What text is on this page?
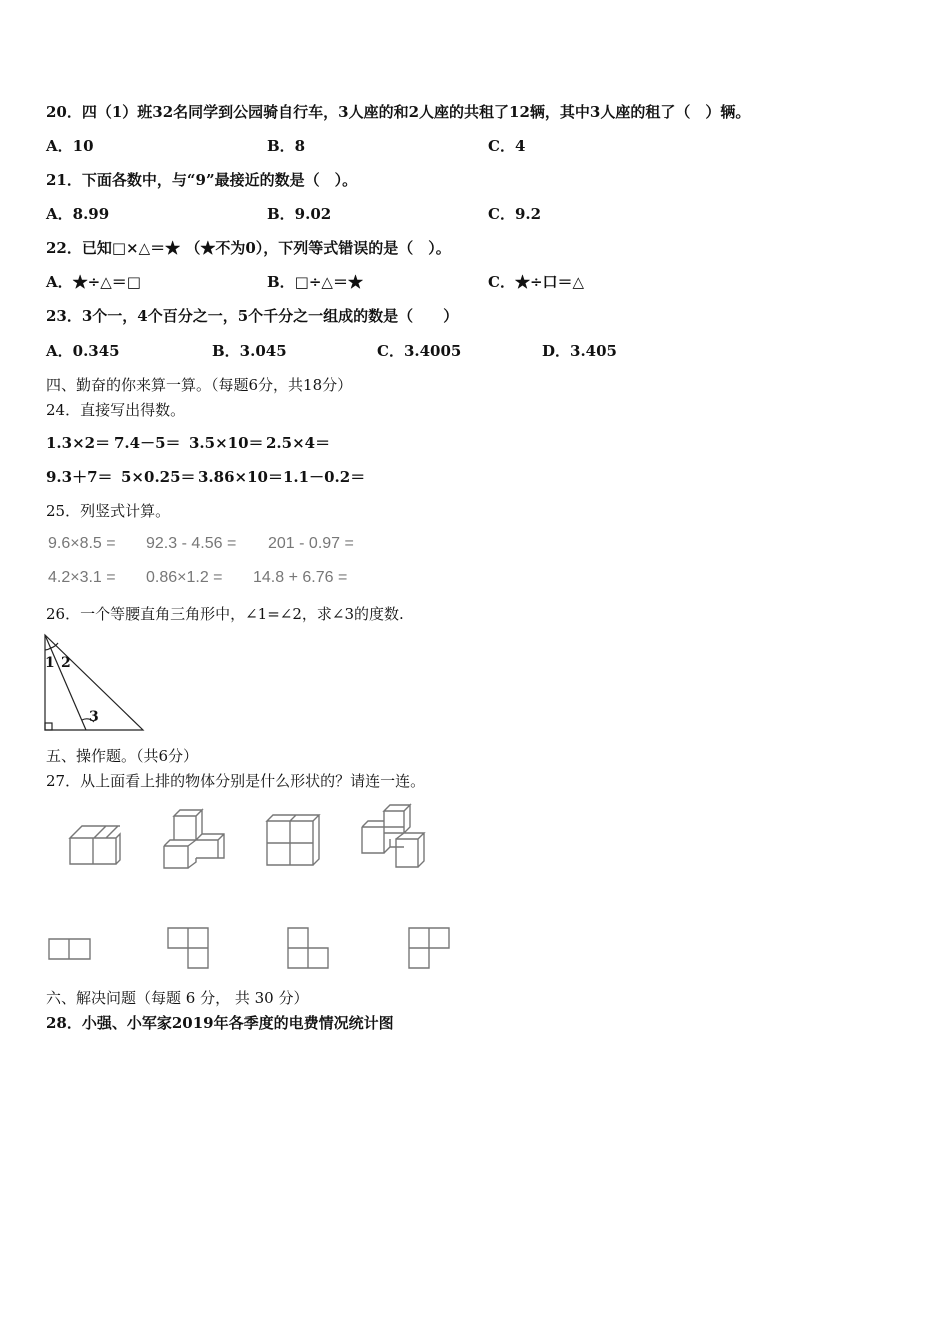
20．四（1）班32名同学到公园骑自行车，3人座的和2人座的共租了12辆，其中3人座的租了（　）辆。
A．10	B．8	C．4
21．下面各数中，与“9”最接近的数是（　）。
A．8.99	B．9.02	C．9.2
22．已知□×△＝★ （★不为0），下列等式错误的是（　）。
A．★÷△＝□	B．□÷△＝★	C．★÷口＝△
23．3个一，4个百分之一，5个千分之一组成的数是（　　）
A．0.345	B．3.045	C．3.4005	D．3.405
四、勤奋的你来算一算。（每题6分，共18分）
24．直接写出得数。
1.3×2＝ 7.4－5＝ 3.5×10＝ 2.5×4＝
9.3＋7＝ 5×0.25＝ 3.86×10＝ 1.1－0.2＝
25．列竖式计算。
9.6×8.5 = 92.3 - 4.56 = 201 - 0.97 =
4.2×3.1 = 0.86×1.2 = 14.8 + 6.76 =
26．一个等腰直角三角形中，∠1=∠2，求∠3的度数.
1 2
3
五、操作题。（共6分）
27．从上面看上排的物体分别是什么形状的？请连一连。
六、解决问题（每题 6 分， 共 30 分）
28．小强、小军家2019年各季度的电费情况统计图
